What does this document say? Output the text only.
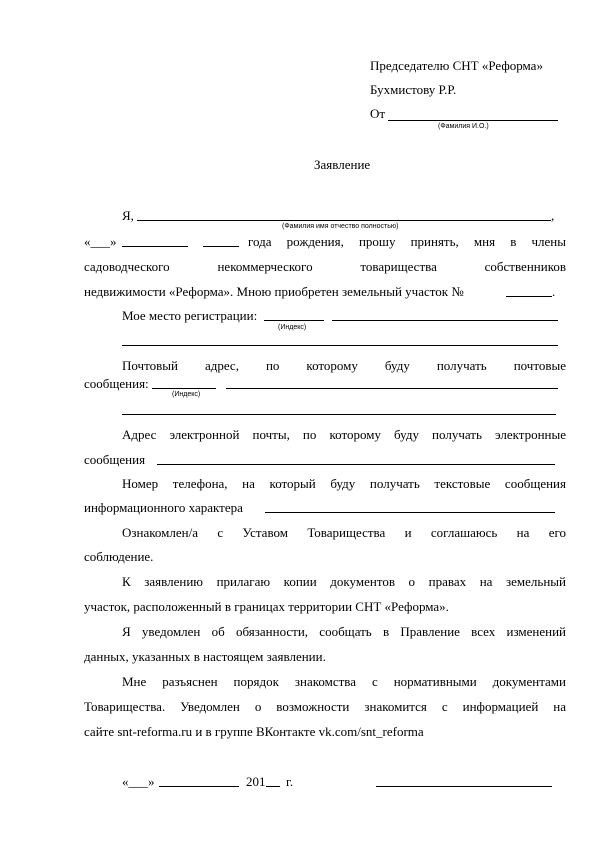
Председателю СНТ «Реформа»
Бухмистову Р.Р.
От
(Фамилия И.О.)
Заявление
Я,	,
(Фамилия имя отчество полностью)
«___»	года рождения, прошу принять, мня в члены
садоводческого некоммерческого товарищества собственников
недвижимости «Реформа». Мною приобретен земельный участок №	.
Мое место регистрации:
(Индекс)
Почтовый адрес, по которому буду получать почтовые
сообщения:
(Индекс)
Адрес электронной почты, по которому буду получать электронные
сообщения
Номер телефона, на который буду получать текстовые сообщения
информационного характера
Ознакомлен/а с Уставом Товарищества и соглашаюсь на его
соблюдение.
К заявлению прилагаю копии документов о правах на земельный
участок, расположенный в границах территории СНТ «Реформа».
Я уведомлен об обязанности, сообщать в Правление всех изменений
данных, указанных в настоящем заявлении.
Мне разъяснен порядок знакомства с нормативными документами
Товарищества. Уведомлен о возможности знакомится с информацией на
сайте snt-reforma.ru и в группе ВКонтакте vk.com/snt_reforma
«___»	201 г.
